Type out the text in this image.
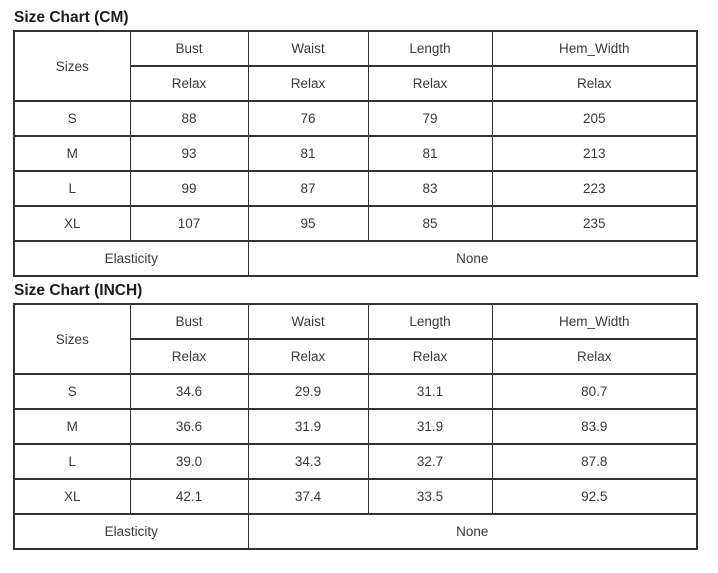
Size Chart (CM)
Sizes	Bust	Waist	Length	Hem_Width
	Relax	Relax	Relax	Relax
S	88	76	79	205
M	93	81	81	213
L	99	87	83	223
XL	107	95	85	235
Elasticity		None		
Size Chart (INCH)
Sizes	Bust	Waist	Length	Hem_Width
	Relax	Relax	Relax	Relax
S	34.6	29.9	31.1	80.7
M	36.6	31.9	31.9	83.9
L	39.0	34.3	32.7	87.8
XL	42.1	37.4	33.5	92.5
Elasticity		None		
